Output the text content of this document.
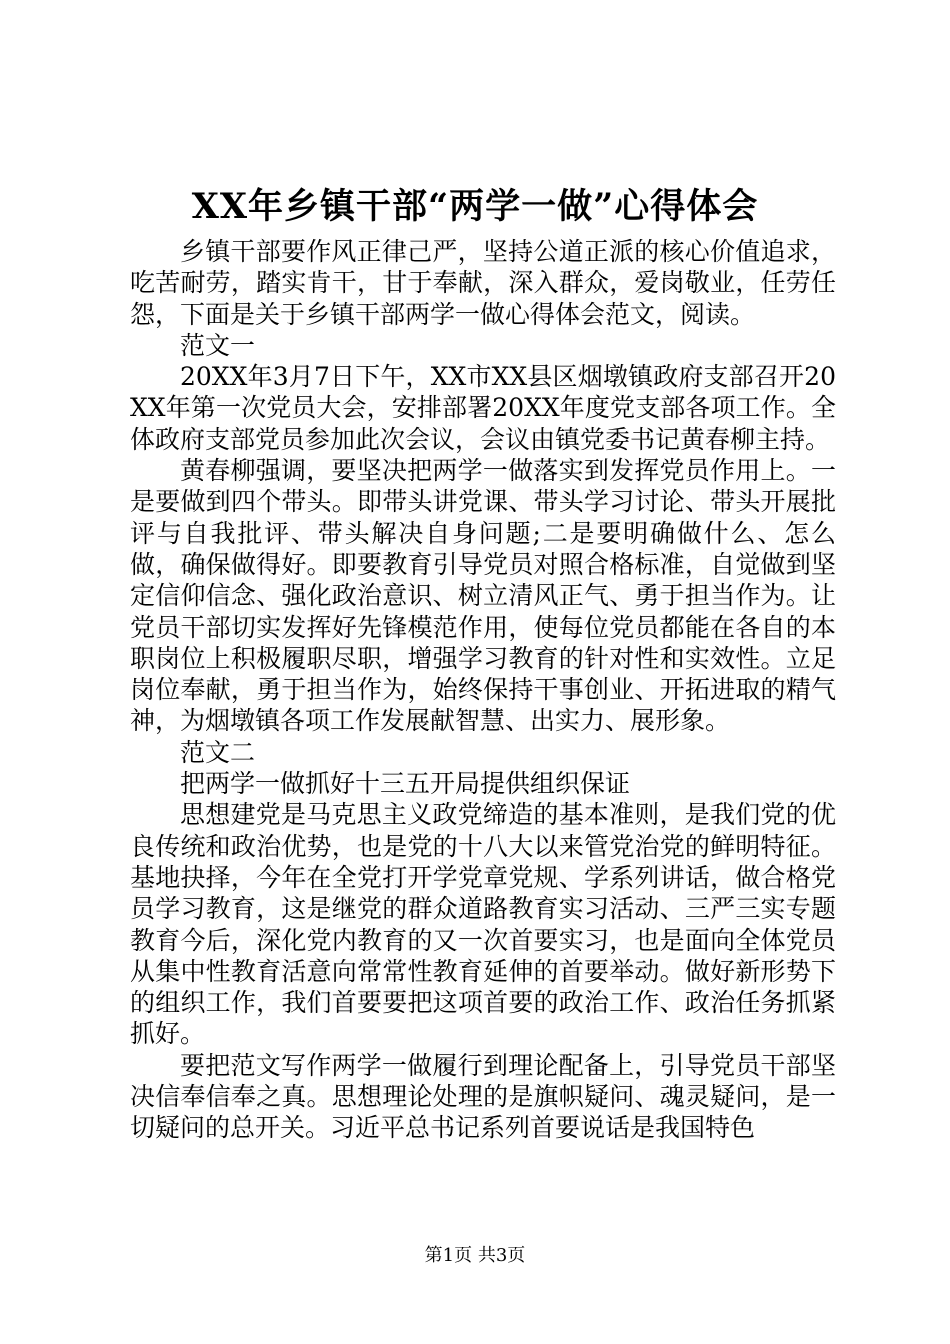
XX年乡镇干部“两学一做”心得体会

乡镇干部要作风正律己严，坚持公道正派的核心价值追求，吃苦耐劳，踏实肯干，甘于奉献，深入群众，爱岗敬业，任劳任怨，下面是关于乡镇干部两学一做心得体会范文，阅读。

范文一

20XX年3月7日下午，XX市XX县区烟墩镇政府支部召开20XX年第一次党员大会，安排部署20XX年度党支部各项工作。全体政府支部党员参加此次会议，会议由镇党委书记黄春柳主持。

黄春柳强调，要坚决把两学一做落实到发挥党员作用上。一是要做到四个带头。即带头讲党课、带头学习讨论、带头开展批评与自我批评、带头解决自身问题;二是要明确做什么、怎么做，确保做得好。即要教育引导党员对照合格标准，自觉做到坚定信仰信念、强化政治意识、树立清风正气、勇于担当作为。让党员干部切实发挥好先锋模范作用，使每位党员都能在各自的本职岗位上积极履职尽职，增强学习教育的针对性和实效性。立足岗位奉献，勇于担当作为，始终保持干事创业、开拓进取的精气神，为烟墩镇各项工作发展献智慧、出实力、展形象。

范文二

把两学一做抓好十三五开局提供组织保证

思想建党是马克思主义政党缔造的基本准则，是我们党的优良传统和政治优势，也是党的十八大以来管党治党的鲜明特征。基地抉择，今年在全党打开学党章党规、学系列讲话，做合格党员学习教育，这是继党的群众道路教育实习活动、三严三实专题教育今后，深化党内教育的又一次首要实习，也是面向全体党员从集中性教育活意向常常性教育延伸的首要举动。做好新形势下的组织工作，我们首要要把这项首要的政治工作、政治任务抓紧抓好。

要把范文写作两学一做履行到理论配备上，引导党员干部坚决信奉信奉之真。思想理论处理的是旗帜疑问、魂灵疑问，是一切疑问的总开关。习近平总书记系列首要说话是我国特色

第1页 共3页
